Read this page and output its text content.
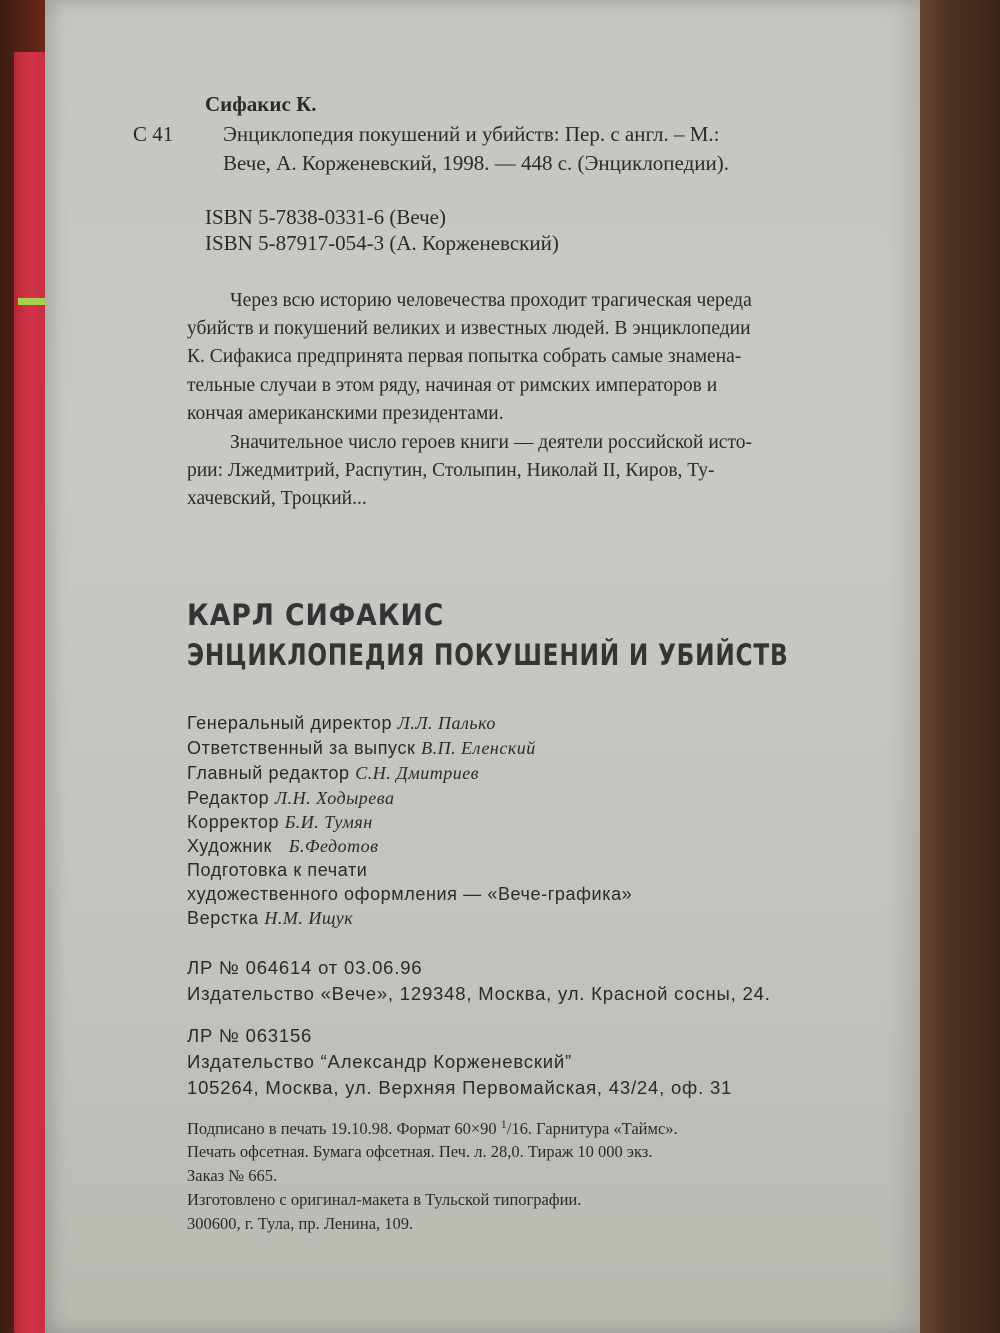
Сифакис К.
С 41 Энциклопедия покушений и убийств: Пер. с англ. – М.:
Вече, А. Корженевский, 1998. — 448 с. (Энциклопедии).
ISBN 5-7838-0331-6 (Вече)
ISBN 5-87917-054-3 (А. Корженевский)
Через всю историю человечества проходит трагическая череда
убийств и покушений великих и известных людей. В энциклопедии
К. Сифакиса предпринята первая попытка собрать самые знамена-
тельные случаи в этом ряду, начиная от римских императоров и
кончая американскими президентами.
Значительное число героев книги — деятели российской исто-
рии: Лжедмитрий, Распутин, Столыпин, Николай II, Киров, Ту-
хачевский, Троцкий...
КАРЛ СИФАКИС
ЭНЦИКЛОПЕДИЯ ПОКУШЕНИЙ И УБИЙСТВ
Генеральный директор Л.Л. Палько
Ответственный за выпуск В.П. Еленский
Главный редактор С.Н. Дмитриев
Редактор Л.Н. Ходырева
Корректор Б.И. Тумян
Художник Б.Федотов
Подготовка к печати
художественного оформления — «Вече-графика»
Верстка Н.М. Ищук
ЛР № 064614 от 03.06.96
Издательство «Вече», 129348, Москва, ул. Красной сосны, 24.
ЛР № 063156
Издательство “Александр Корженевский”
105264, Москва, ул. Верхняя Первомайская, 43/24, оф. 31
Подписано в печать 19.10.98. Формат 60×90 $^1$/16. Гарнитура «Таймс».
Печать офсетная. Бумага офсетная. Печ. л. 28,0. Тираж 10 000 экз.
Заказ № 665.
Изготовлено с оригинал-макета в Тульской типографии.
300600, г. Тула, пр. Ленина, 109.
